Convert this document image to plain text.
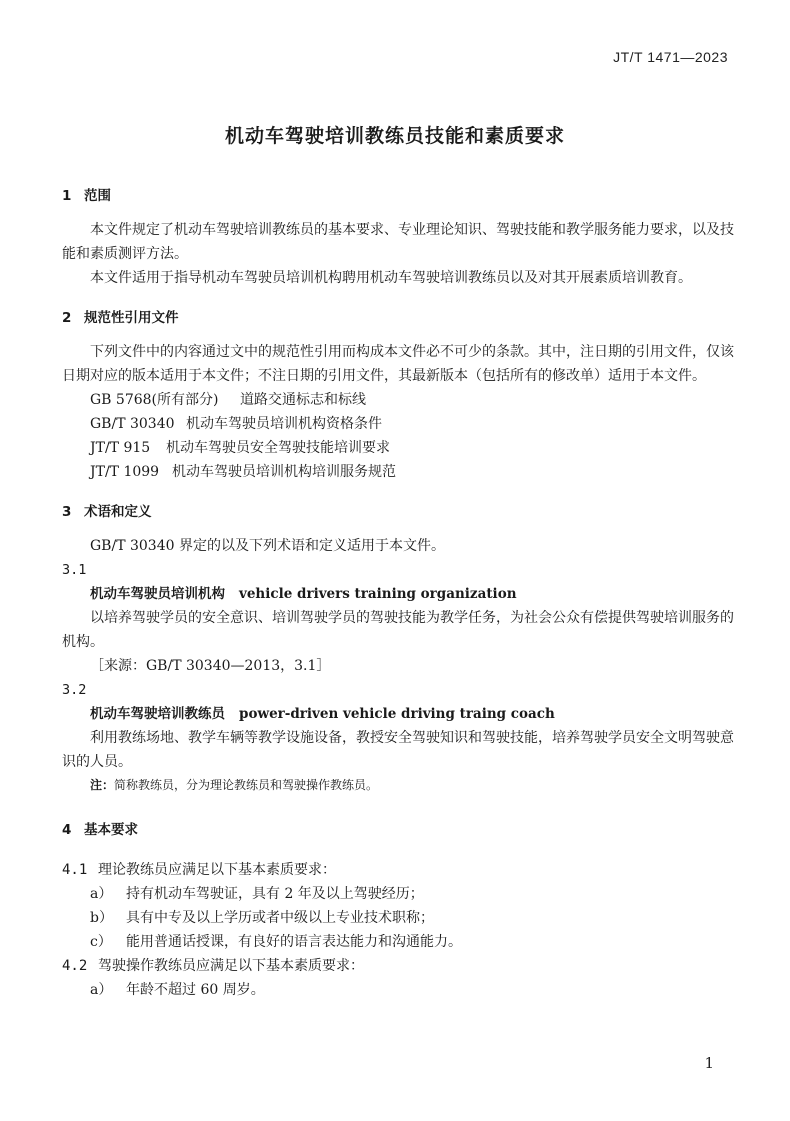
JT/T 1471—2023
机动车驾驶培训教练员技能和素质要求

1 范围

本文件规定了机动车驾驶培训教练员的基本要求、专业理论知识、驾驶技能和教学服务能力要求，以及技能和素质测评方法。

本文件适用于指导机动车驾驶员培训机构聘用机动车驾驶培训教练员以及对其开展素质培训教育。

2 规范性引用文件

下列文件中的内容通过文中的规范性引用而构成本文件必不可少的条款。其中，注日期的引用文件，仅该日期对应的版本适用于本文件；不注日期的引用文件，其最新版本（包括所有的修改单）适用于本文件。

GB 5768(所有部分) 道路交通标志和标线

GB/T 30340 机动车驾驶员培训机构资格条件

JT/T 915 机动车驾驶员安全驾驶技能培训要求

JT/T 1099 机动车驾驶员培训机构培训服务规范

3 术语和定义

GB/T 30340 界定的以及下列术语和定义适用于本文件。

3.1

机动车驾驶员培训机构 vehicle drivers training organization

以培养驾驶学员的安全意识、培训驾驶学员的驾驶技能为教学任务，为社会公众有偿提供驾驶培训服务的机构。

［来源：GB/T 30340—2013，3.1］

3.2

机动车驾驶培训教练员 power-driven vehicle driving traing coach

利用教练场地、教学车辆等教学设施设备，教授安全驾驶知识和驾驶技能，培养驾驶学员安全文明驾驶意识的人员。

注：简称教练员，分为理论教练员和驾驶操作教练员。

4 基本要求

4.1 理论教练员应满足以下基本素质要求：

a） 持有机动车驾驶证，具有 2 年及以上驾驶经历；

b） 具有中专及以上学历或者中级以上专业技术职称；

c） 能用普通话授课，有良好的语言表达能力和沟通能力。

4.2 驾驶操作教练员应满足以下基本素质要求：

a） 年龄不超过 60 周岁。

1
